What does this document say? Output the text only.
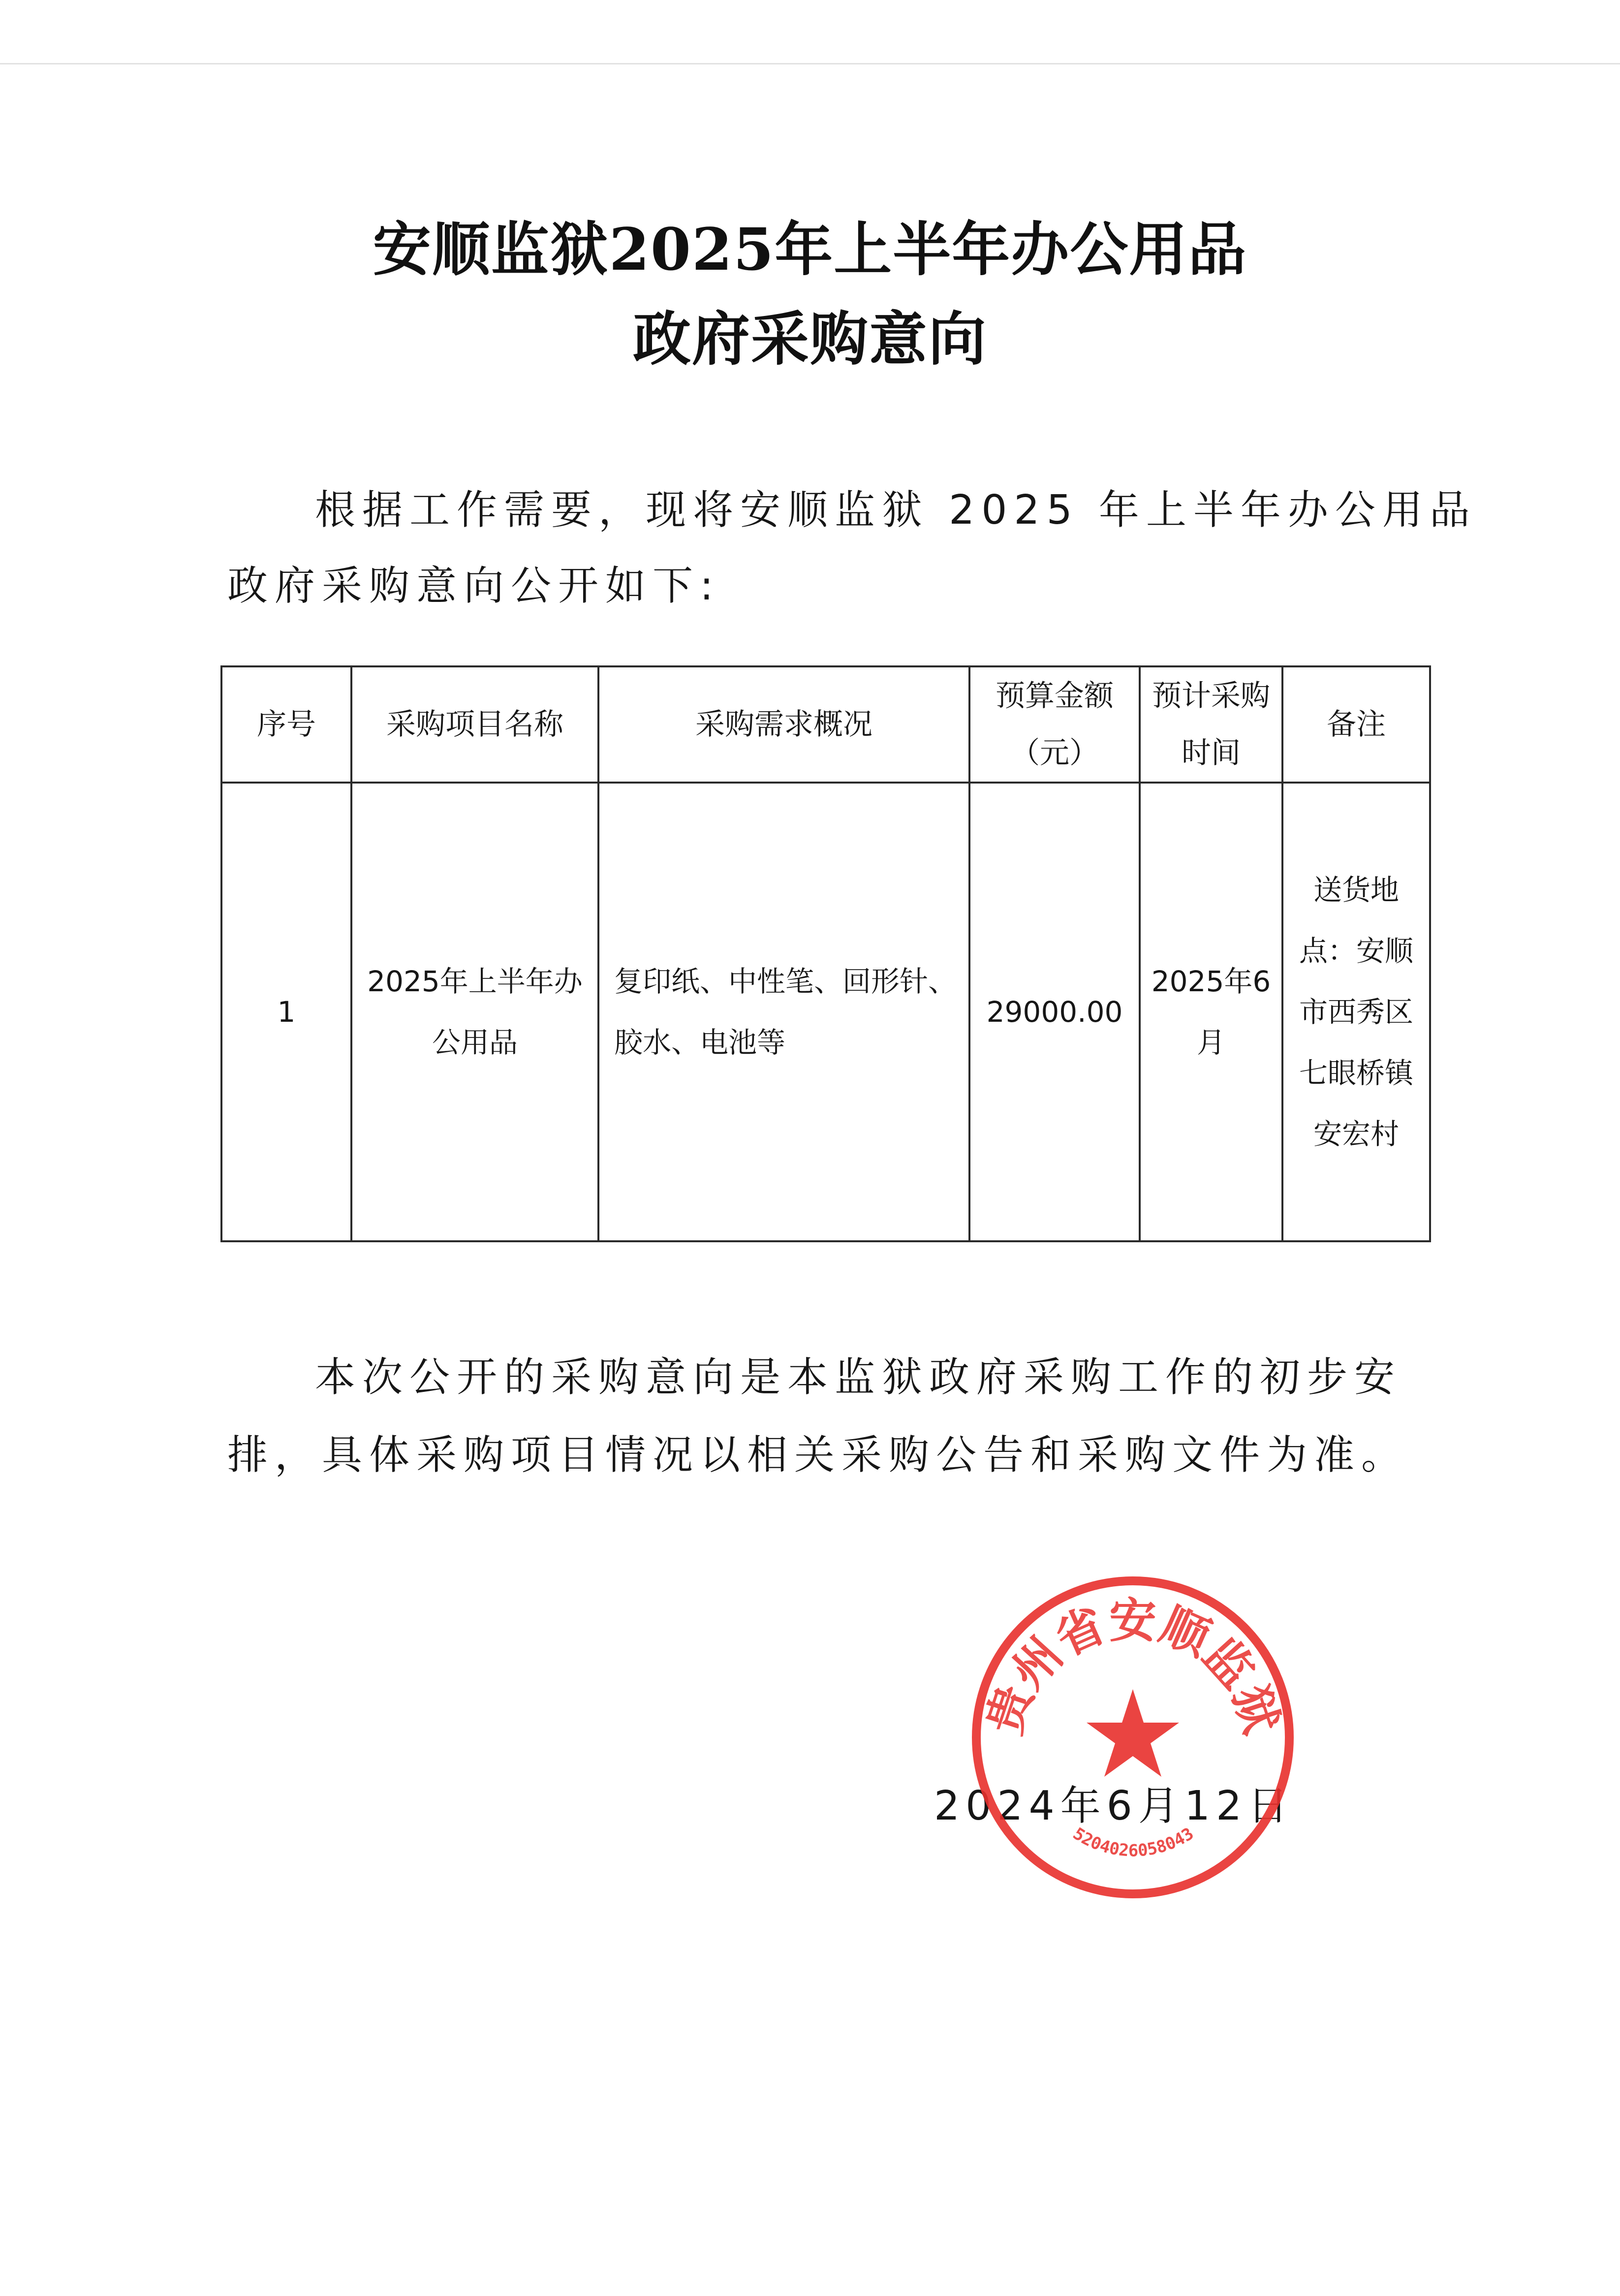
安顺监狱2025年上半年办公用品
政府采购意向
根据工作需要，现将安顺监狱 2025 年上半年办公用品
政府采购意向公开如下:
序号	采购项目名称	采购需求概况	预算金额（元）	预计采购时间	备注
1	2025年上半年办公用品	复印纸、中性笔、回形针、胶水、电池等	29000.00	2025年6月	送货地点：安顺市西秀区七眼桥镇安宏村
本次公开的采购意向是本监狱政府采购工作的初步安
排，具体采购项目情况以相关采购公告和采购文件为准。
2024年6月12日
贵州省安顺监狱
5204026058043
